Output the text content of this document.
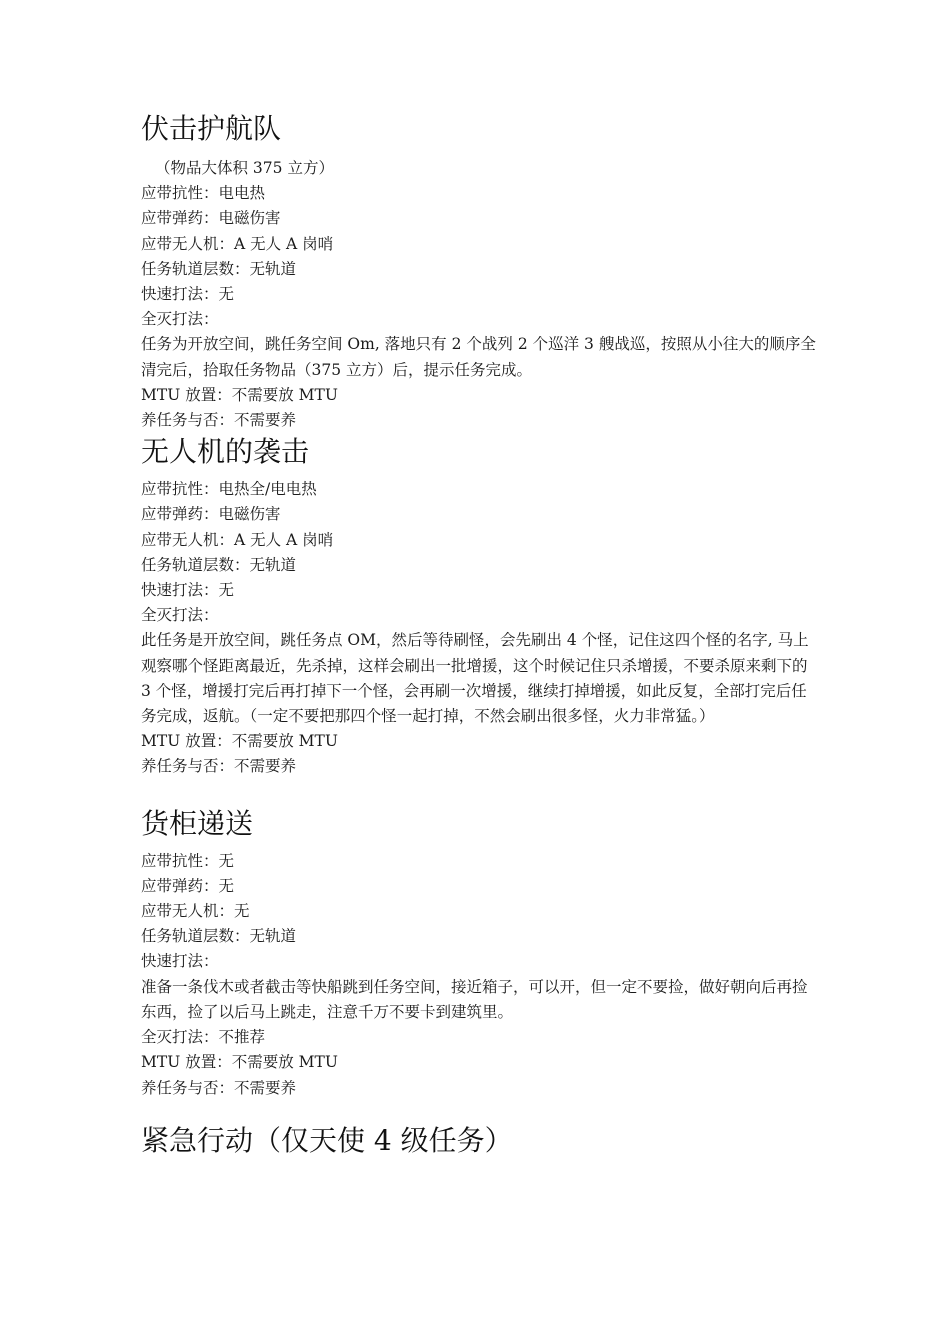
伏击护航队

（物品大体积 375 立方）

应带抗性：电电热

应带弹药：电磁伤害

应带无人机：A 无人 A 岗哨

任务轨道层数：无轨道

快速打法：无

全灭打法：

任务为开放空间，跳任务空间 Om, 落地只有 2 个战列 2 个巡洋 3 艘战巡，按照从小往大的顺序全清完后，拾取任务物品（375 立方）后，提示任务完成。

MTU 放置：不需要放 MTU

养任务与否：不需要养

无人机的袭击

应带抗性：电热全/电电热

应带弹药：电磁伤害

应带无人机：A 无人 A 岗哨

任务轨道层数：无轨道

快速打法：无

全灭打法：

此任务是开放空间，跳任务点 OM，然后等待刷怪，会先刷出 4 个怪，记住这四个怪的名字, 马上观察哪个怪距离最近，先杀掉，这样会刷出一批增援，这个时候记住只杀增援，不要杀原来剩下的 3 个怪，增援打完后再打掉下一个怪，会再刷一次增援，继续打掉增援，如此反复，全部打完后任务完成，返航。（一定不要把那四个怪一起打掉，不然会刷出很多怪，火力非常猛。）

MTU 放置：不需要放 MTU

养任务与否：不需要养

货柜递送

应带抗性：无

应带弹药：无

应带无人机：无

任务轨道层数：无轨道

快速打法：

准备一条伐木或者截击等快船跳到任务空间，接近箱子，可以开，但一定不要捡，做好朝向后再捡东西，捡了以后马上跳走，注意千万不要卡到建筑里。

全灭打法：不推荐

MTU 放置：不需要放 MTU

养任务与否：不需要养

紧急行动（仅天使 4 级任务）
